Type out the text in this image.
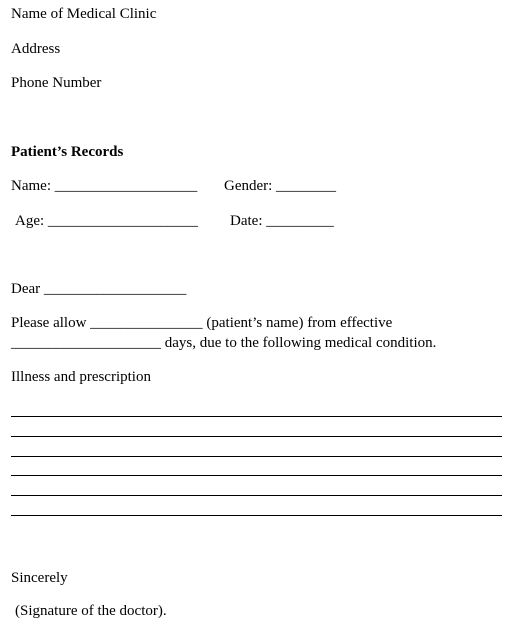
Name of Medical Clinic
Address
Phone Number
Patient’s Records
Name: ___________________ Gender: ________
Age: ____________________ Date: _________
Dear ___________________
Please allow _______________ (patient’s name) from effective
____________________ days, due to the following medical condition.
Illness and prescription
Sincerely
(Signature of the doctor).
